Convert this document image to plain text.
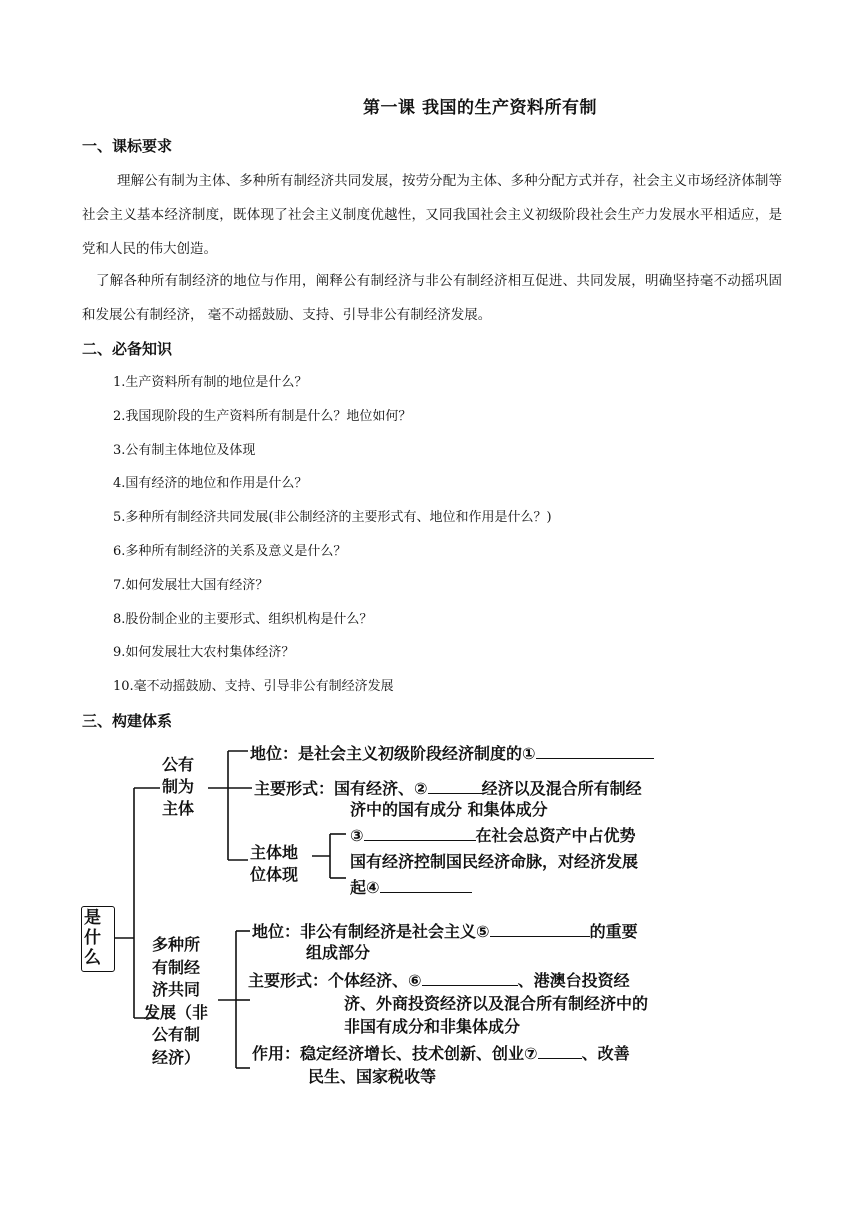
第一课 我国的生产资料所有制
一、课标要求
理解公有制为主体、多种所有制经济共同发展，按劳分配为主体、多种分配方式并存，社会主义市场经济体制等社会主义基本经济制度，既体现了社会主义制度优越性，又同我国社会主义初级阶段社会生产力发展水平相适应，是党和人民的伟大创造。
了解各种所有制经济的地位与作用，阐释公有制经济与非公有制经济相互促进、共同发展，明确坚持毫不动摇巩固和发展公有制经济， 毫不动摇鼓励、支持、引导非公有制经济发展。
二、必备知识
1.生产资料所有制的地位是什么？
2.我国现阶段的生产资料所有制是什么？地位如何？
3.公有制主体地位及体现
4.国有经济的地位和作用是什么？
5.多种所有制经济共同发展(非公制经济的主要形式有、地位和作用是什么？)
6.多种所有制经济的关系及意义是什么？
7.如何发展壮大国有经济？
8.股份制企业的主要形式、组织机构是什么？
9.如何发展壮大农村集体经济？
10.毫不动摇鼓励、支持、引导非公有制经济发展
三、构建体系
是
什
么
公有
制为
主体
地位：是社会主义初级阶段经济制度的①
主要形式：国有经济、②	经济以及混合所有制经
济中的国有成分 和集体成分
主体地
位体现
③	在社会总资产中占优势
国有经济控制国民经济命脉，对经济发展
起④
多种所
有制经
济共同
发展（非
公有制
经济）
地位：非公有制经济是社会主义⑤	的重要
组成部分
主要形式：个体经济、⑥	、港澳台投资经
济、外商投资经济以及混合所有制经济中的
非国有成分和非集体成分
作用：稳定经济增长、技术创新、创业⑦	、改善
民生、国家税收等
